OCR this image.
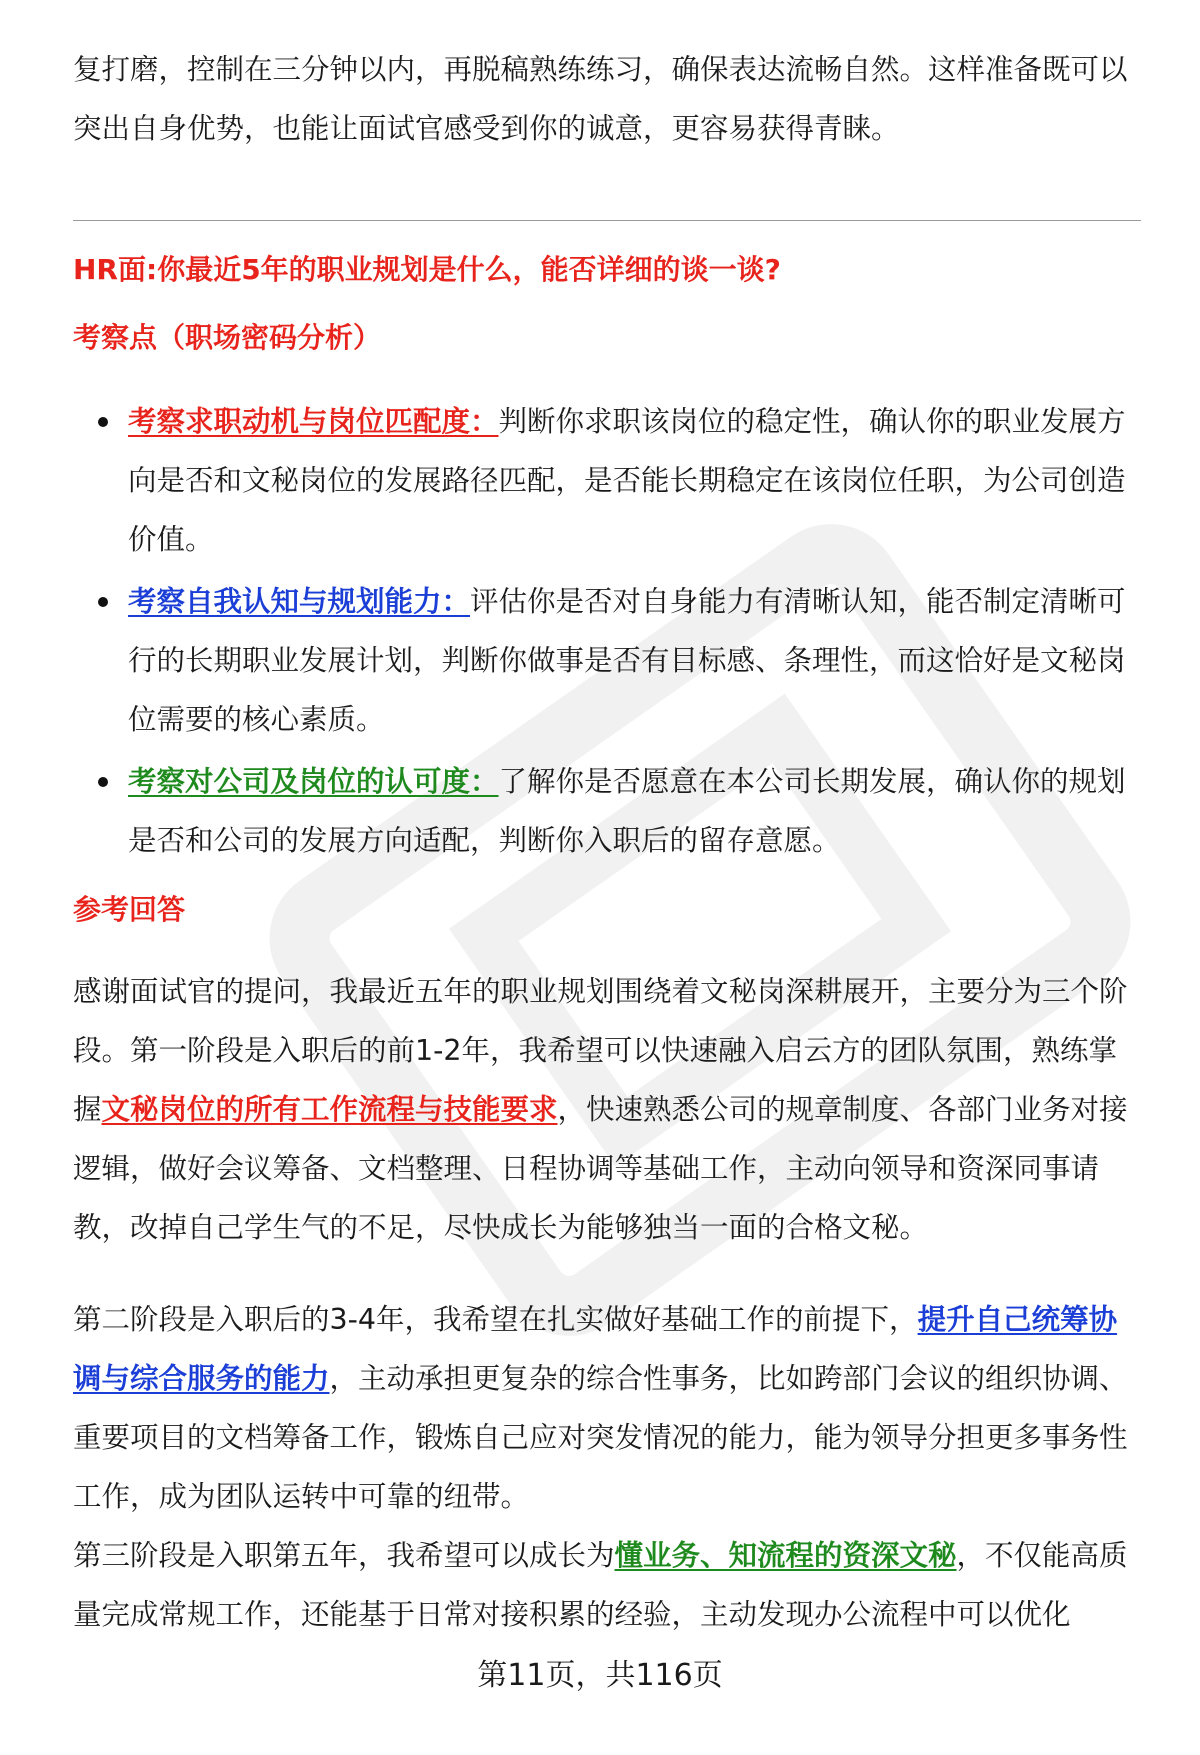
复打磨，控制在三分钟以内，再脱稿熟练练习，确保表达流畅自然。这样准备既可以突出自身优势，也能让面试官感受到你的诚意，更容易获得青睐。

HR面:你最近5年的职业规划是什么，能否详细的谈一谈?
考察点（职场密码分析）
考察求职动机与岗位匹配度：判断你求职该岗位的稳定性，确认你的职业发展方向是否和文秘岗位的发展路径匹配，是否能长期稳定在该岗位任职，为公司创造价值。
考察自我认知与规划能力：评估你是否对自身能力有清晰认知，能否制定清晰可行的长期职业发展计划，判断你做事是否有目标感、条理性，而这恰好是文秘岗位需要的核心素质。
考察对公司及岗位的认可度：了解你是否愿意在本公司长期发展，确认你的规划是否和公司的发展方向适配，判断你入职后的留存意愿。
参考回答

感谢面试官的提问，我最近五年的职业规划围绕着文秘岗深耕展开，主要分为三个阶段。第一阶段是入职后的前1-2年，我希望可以快速融入启云方的团队氛围，熟练掌握文秘岗位的所有工作流程与技能要求，快速熟悉公司的规章制度、各部门业务对接逻辑，做好会议筹备、文档整理、日程协调等基础工作，主动向领导和资深同事请教，改掉自己学生气的不足，尽快成长为能够独当一面的合格文秘。

第二阶段是入职后的3-4年，我希望在扎实做好基础工作的前提下，提升自己统筹协调与综合服务的能力，主动承担更复杂的综合性事务，比如跨部门会议的组织协调、重要项目的文档筹备工作，锻炼自己应对突发情况的能力，能为领导分担更多事务性工作，成为团队运转中可靠的纽带。

第三阶段是入职第五年，我希望可以成长为懂业务、知流程的资深文秘，不仅能高质量完成常规工作，还能基于日常对接积累的经验，主动发现办公流程中可以优化

第11页，共116页
